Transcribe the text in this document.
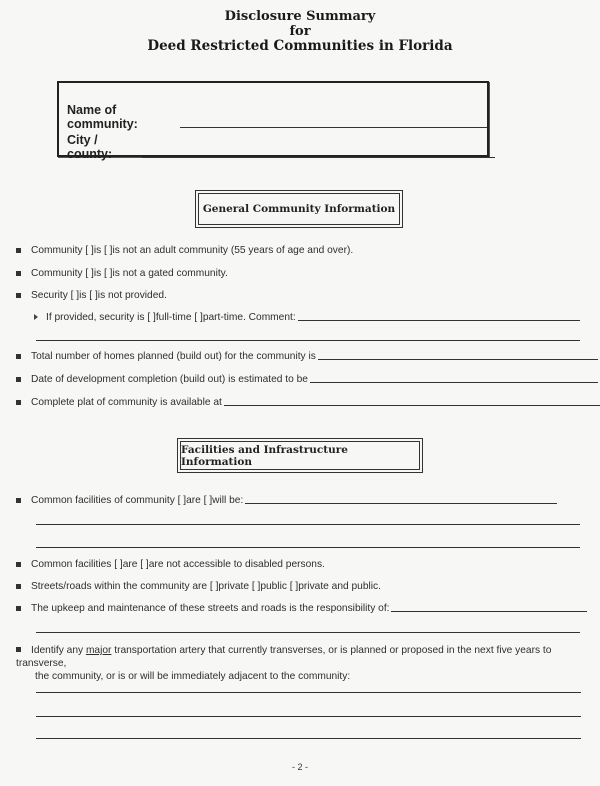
Disclosure Summary
for
Deed Restricted Communities in Florida
Name of community:
City / county:
General Community Information
Community [ ]is [ ]is not an adult community (55 years of age and over).
Community [ ]is [ ]is not a gated community.
Security [ ]is [ ]is not provided.
If provided, security is [ ]full-time [ ]part-time. Comment:
Total number of homes planned (build out) for the community is
Date of development completion (build out) is estimated to be
Complete plat of community is available at
Facilities and Infrastructure Information
Common facilities of community [ ]are [ ]will be:
Common facilities [ ]are [ ]are not accessible to disabled persons.
Streets/roads within the community are [ ]private [ ]public [ ]private and public.
The upkeep and maintenance of these streets and roads is the responsibility of:
Identify any major transportation artery that currently transverses, or is planned or proposed in the next five years to transverse,
the community, or is or will be immediately adjacent to the community:
- 2 -
